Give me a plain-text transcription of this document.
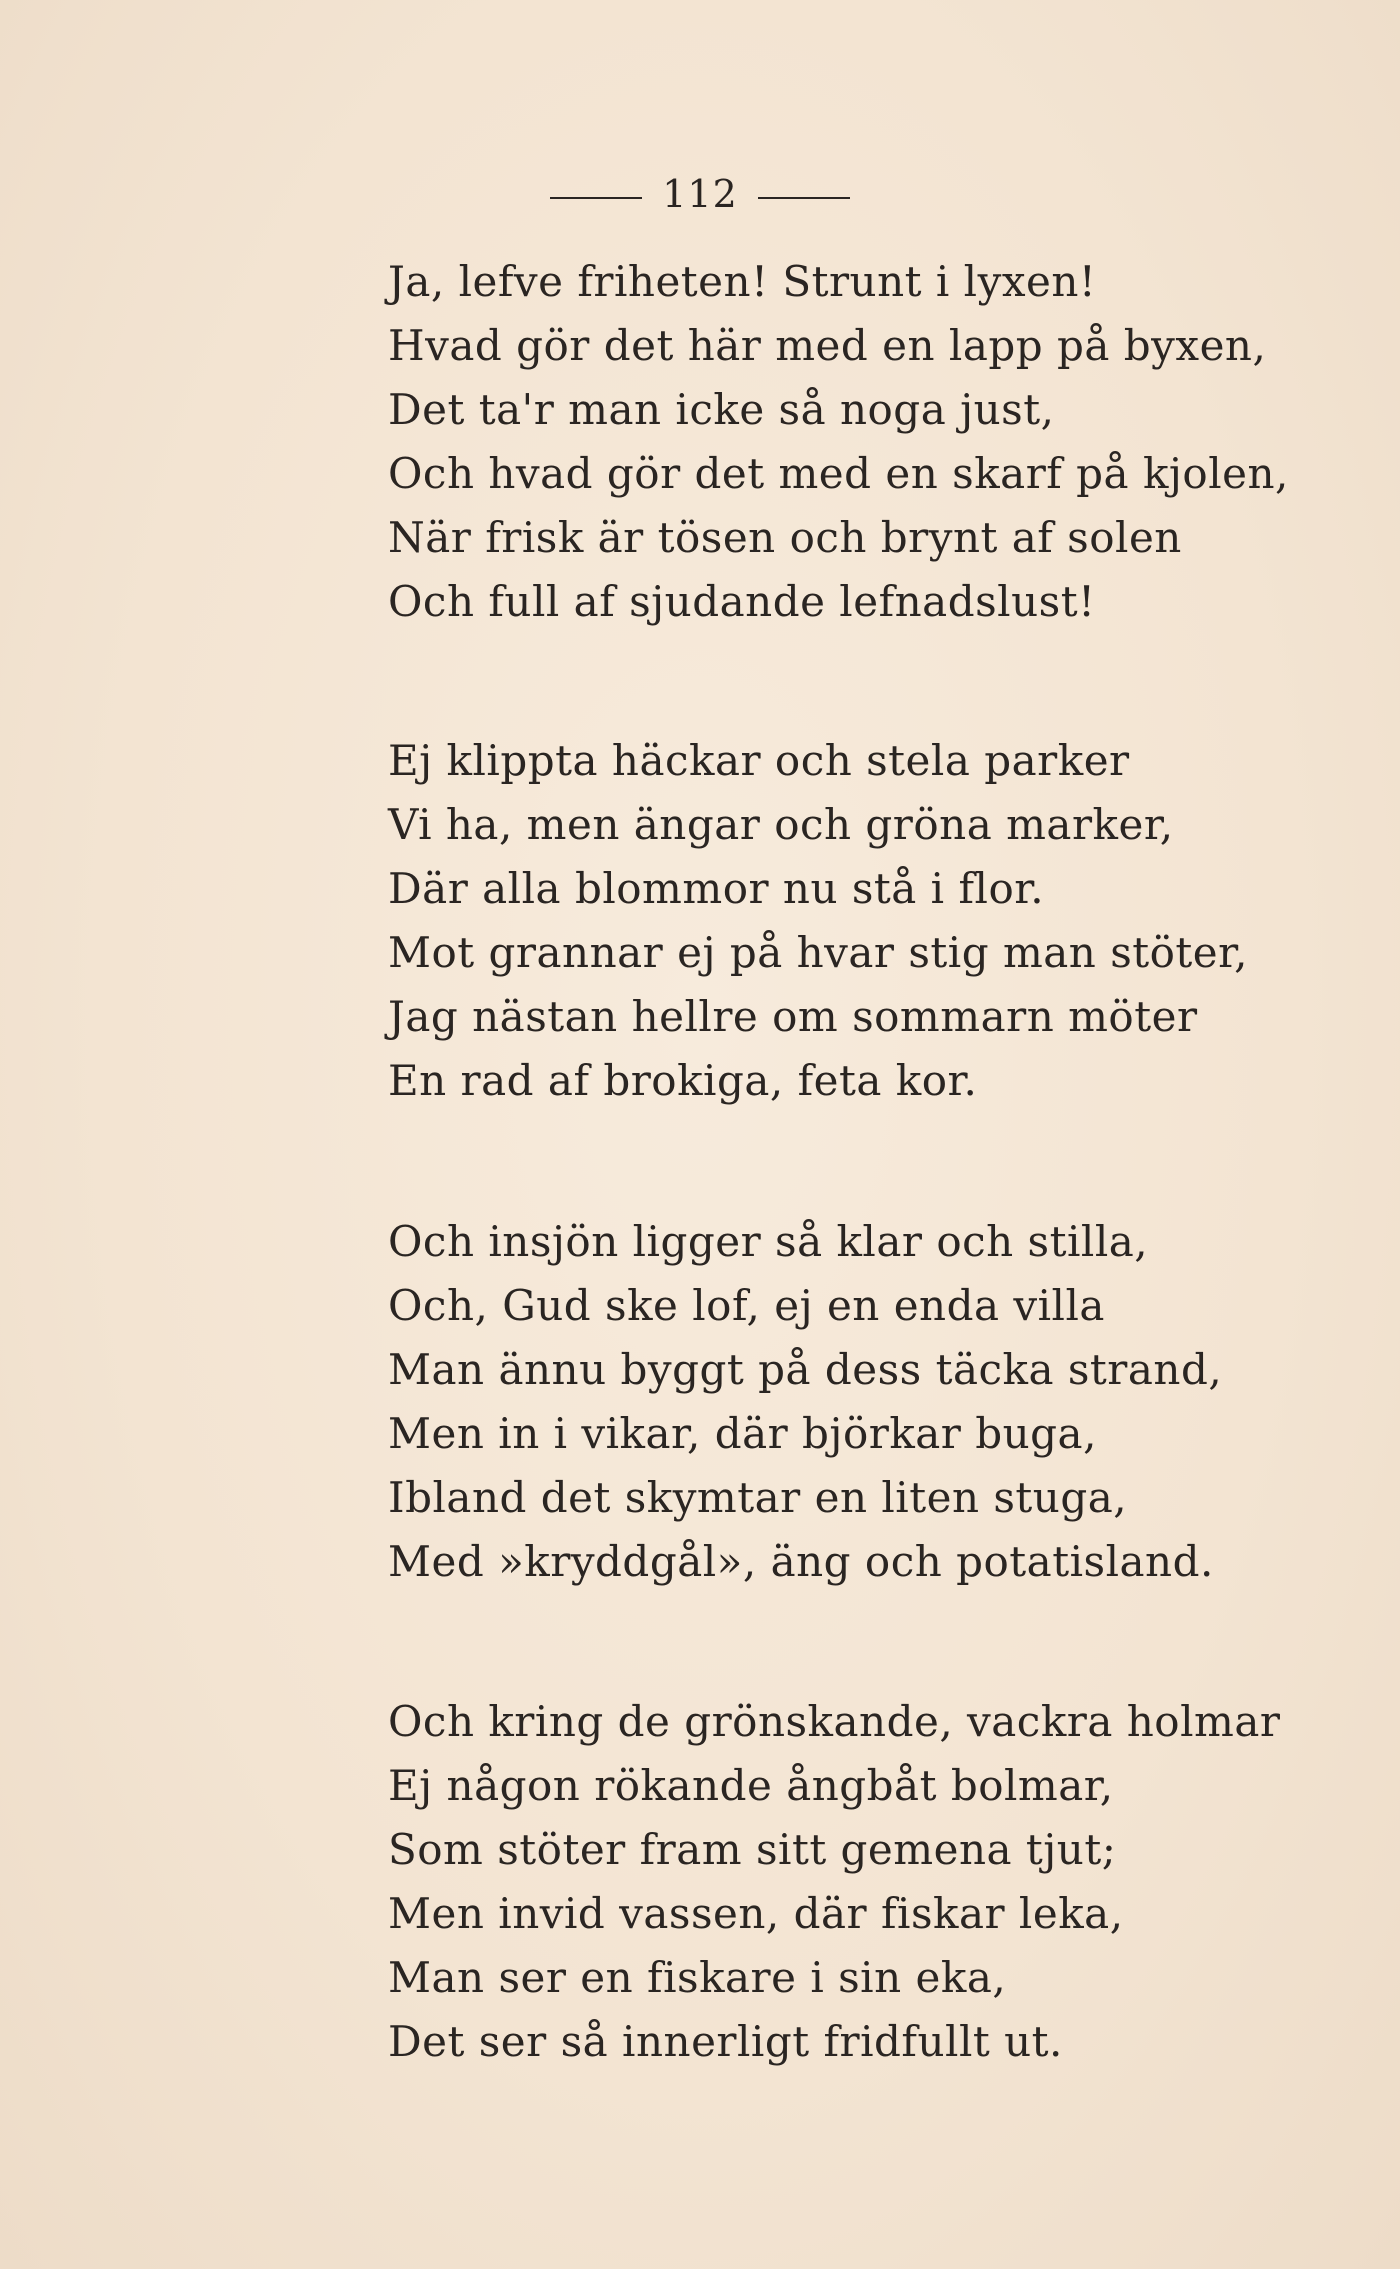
112
Ja, lefve friheten! Strunt i lyxen!
Hvad gör det här med en lapp på byxen,
Det ta'r man icke så noga just,
Och hvad gör det med en skarf på kjolen,
När frisk är tösen och brynt af solen
Och full af sjudande lefnadslust!
Ej klippta häckar och stela parker
Vi ha, men ängar och gröna marker,
Där alla blommor nu stå i flor.
Mot grannar ej på hvar stig man stöter,
Jag nästan hellre om sommarn möter
En rad af brokiga, feta kor.
Och insjön ligger så klar och stilla,
Och, Gud ske lof, ej en enda villa
Man ännu byggt på dess täcka strand,
Men in i vikar, där björkar buga,
Ibland det skymtar en liten stuga,
Med »kryddgål», äng och potatisland.
Och kring de grönskande, vackra holmar
Ej någon rökande ångbåt bolmar,
Som stöter fram sitt gemena tjut;
Men invid vassen, där fiskar leka,
Man ser en fiskare i sin eka,
Det ser så innerligt fridfullt ut.
